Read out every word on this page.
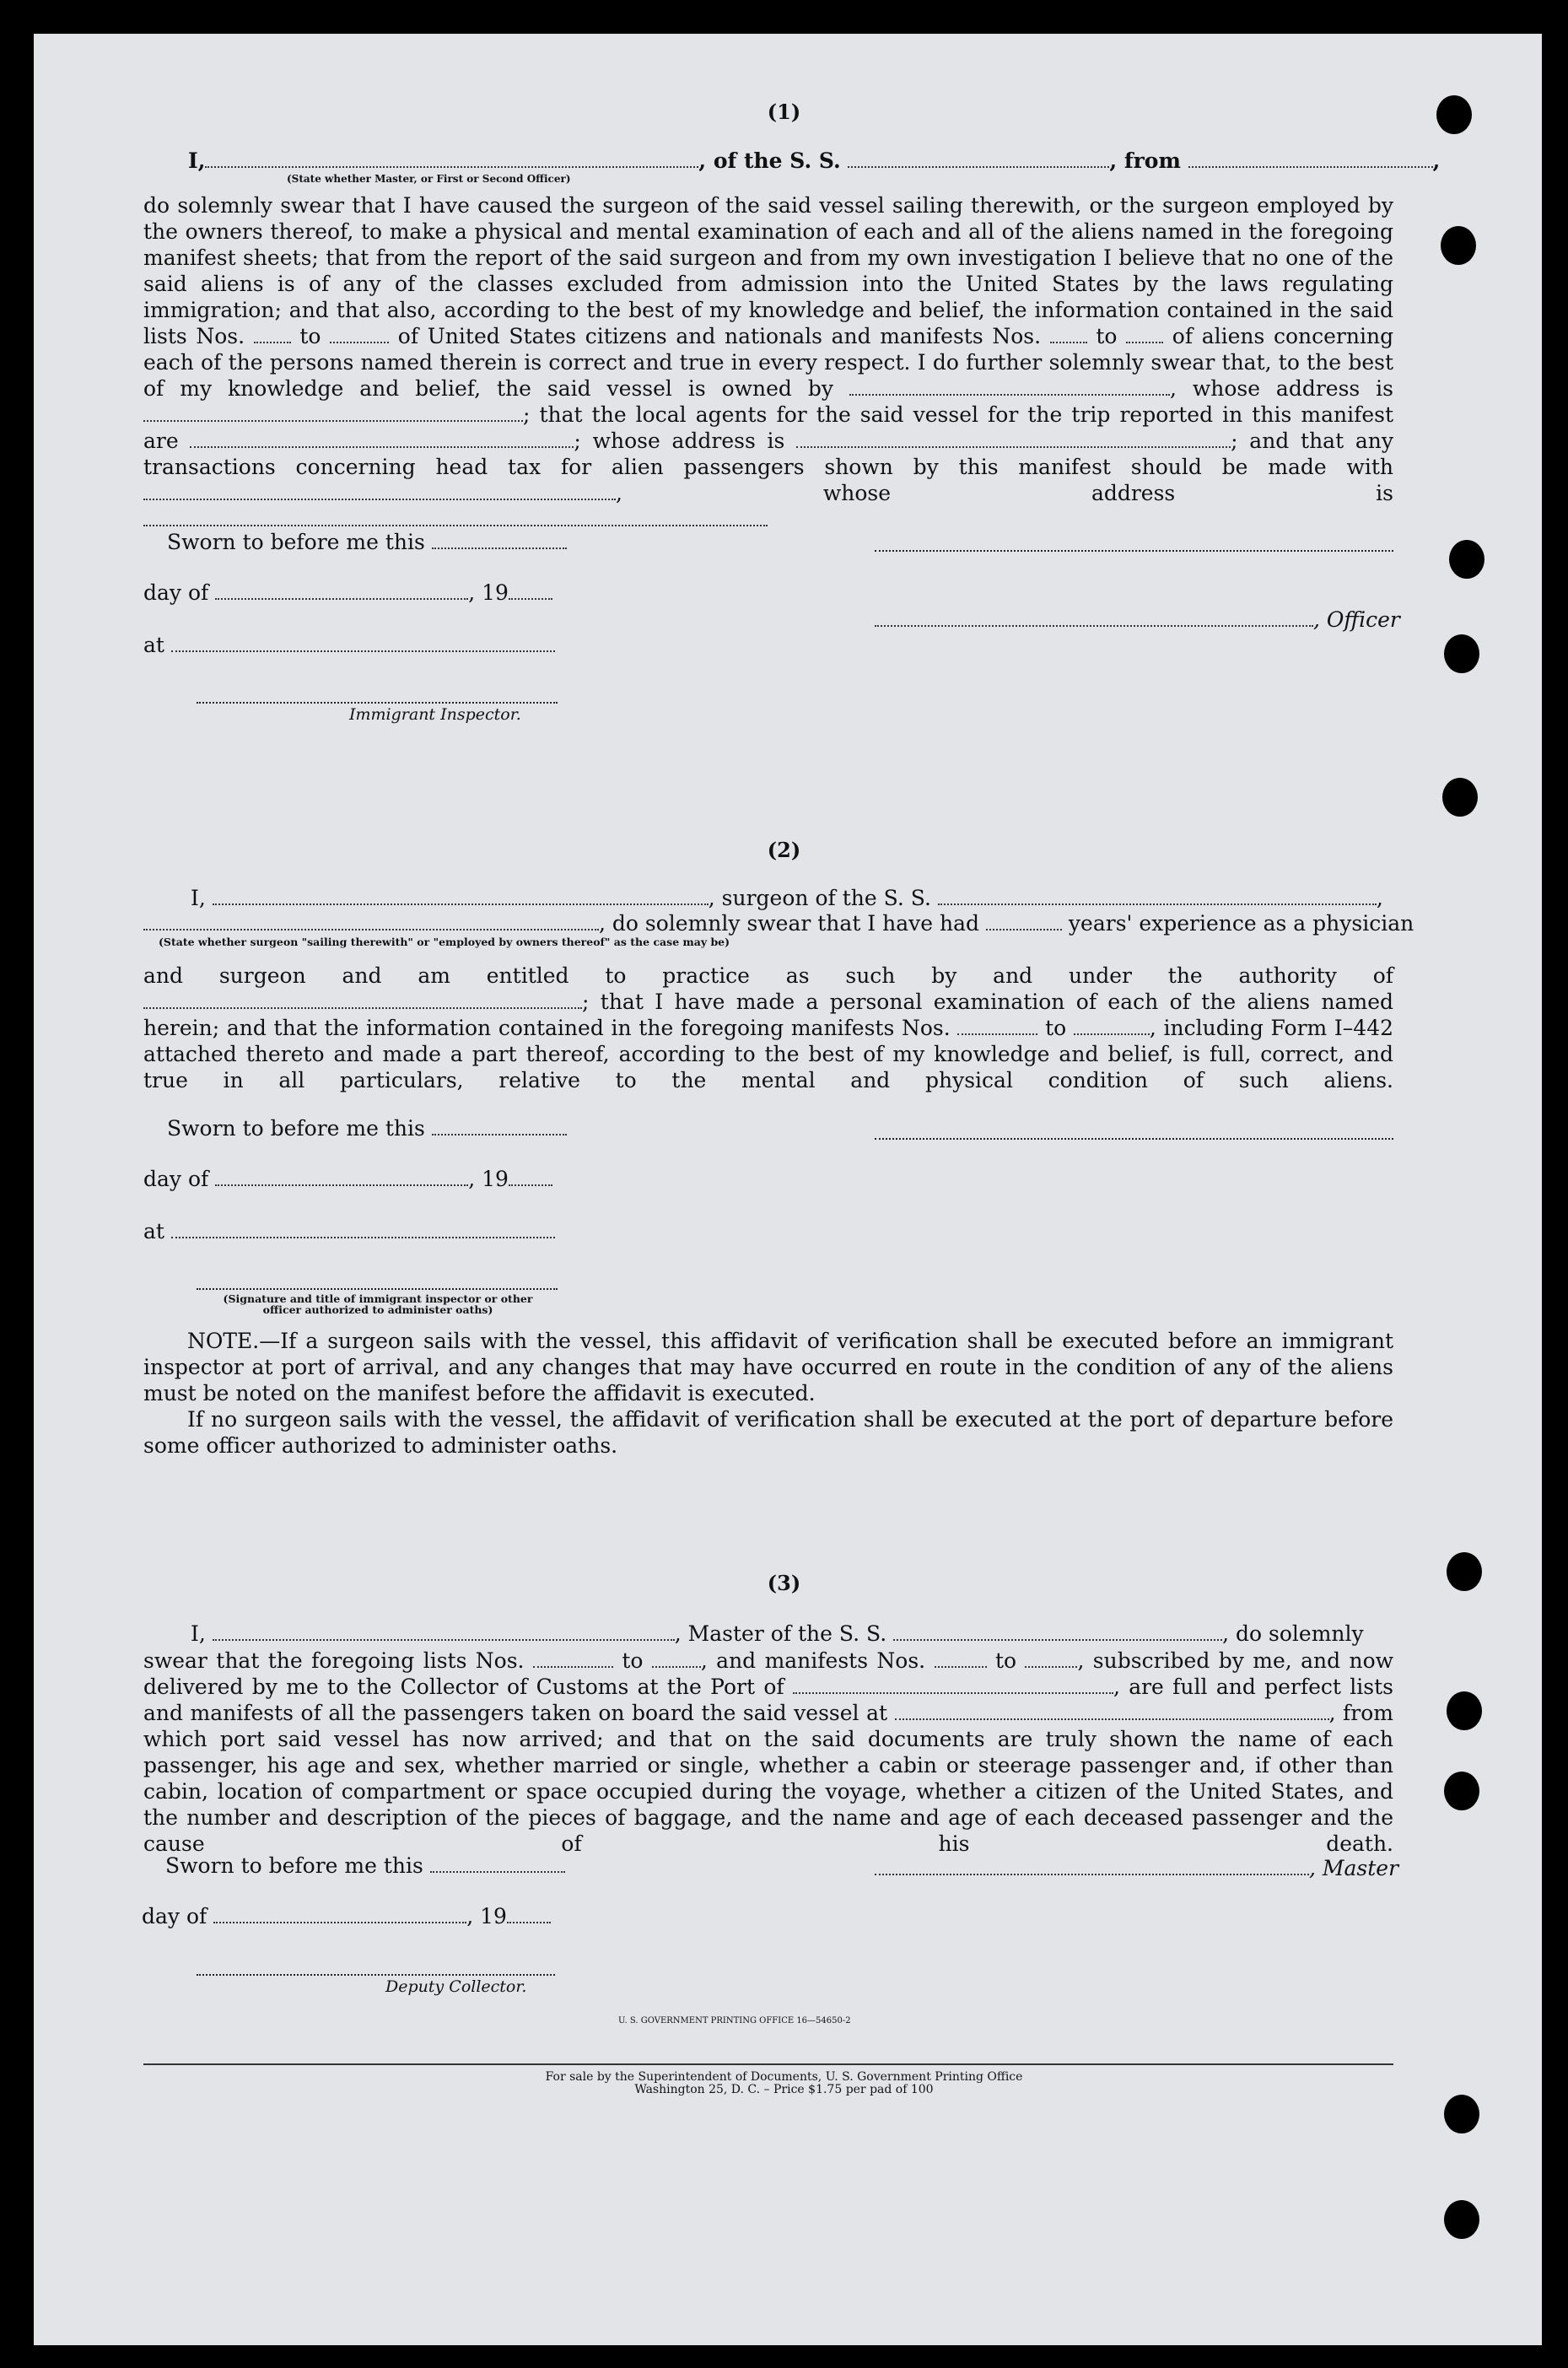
(1)
I,	, of the S. S.	, from	,
(State whether Master, or First or Second Officer)
do solemnly swear that I have caused the surgeon of the said vessel sailing therewith, or the surgeon employed by the owners thereof, to make a physical and mental examination of each and all of the aliens named in the foregoing manifest sheets; that from the report of the said surgeon and from my own investigation I believe that no one of the said aliens is of any of the classes excluded from admission into the United States by the laws regulating immigration; and that also, according to the best of my knowledge and belief, the information contained in the said lists Nos.	to	of United States citizens and nationals and manifests Nos.	to	of aliens concerning each of the persons named therein is correct and true in every respect. I do further solemnly swear that, to the best of my knowledge and belief, the said vessel is owned by	, whose address is ; that the local agents for the said vessel for the trip reported in this manifest are	; whose address is	; and that any transactions concerning head tax for alien passengers shown by this manifest should be made with , whose address is
Sworn to before me this
day of	, 19
, Officer
at
Immigrant Inspector.
(2)
I,	, surgeon of the S. S.	,
, do solemnly swear that I have had	years' experience as a physician
(State whether surgeon "sailing therewith" or "employed by owners thereof" as the case may be)
and surgeon and am entitled to practice as such by and under the authority of ; that I have made a personal examination of each of the aliens named herein; and that the information contained in the foregoing manifests Nos.	to	, including Form I–442 attached thereto and made a part thereof, according to the best of my knowledge and belief, is full, correct, and true in all particulars, relative to the mental and physical condition of such aliens.
Sworn to before me this
day of	, 19
at
(Signature and title of immigrant inspector or other officer authorized to administer oaths)
NOTE.—If a surgeon sails with the vessel, this affidavit of verification shall be executed before an immigrant inspector at port of arrival, and any changes that may have occurred en route in the condition of any of the aliens must be noted on the manifest before the affidavit is executed.
If no surgeon sails with the vessel, the affidavit of verification shall be executed at the port of departure before some officer authorized to administer oaths.
(3)
I,	, Master of the S. S.	, do solemnly
swear that the foregoing lists Nos.	to	, and manifests Nos.	to	, subscribed by me, and now delivered by me to the Collector of Customs at the Port of	, are full and perfect lists and manifests of all the passengers taken on board the said vessel at	, from which port said vessel has now arrived; and that on the said documents are truly shown the name of each passenger, his age and sex, whether married or single, whether a cabin or steerage passenger and, if other than cabin, location of compartment or space occupied during the voyage, whether a citizen of the United States, and the number and description of the pieces of baggage, and the name and age of each deceased passenger and the cause of his death.
Sworn to before me this	, Master
day of	, 19
Deputy Collector.
U. S. GOVERNMENT PRINTING OFFICE 16—54650-2
For sale by the Superintendent of Documents, U. S. Government Printing Office
Washington 25, D. C. – Price $1.75 per pad of 100
